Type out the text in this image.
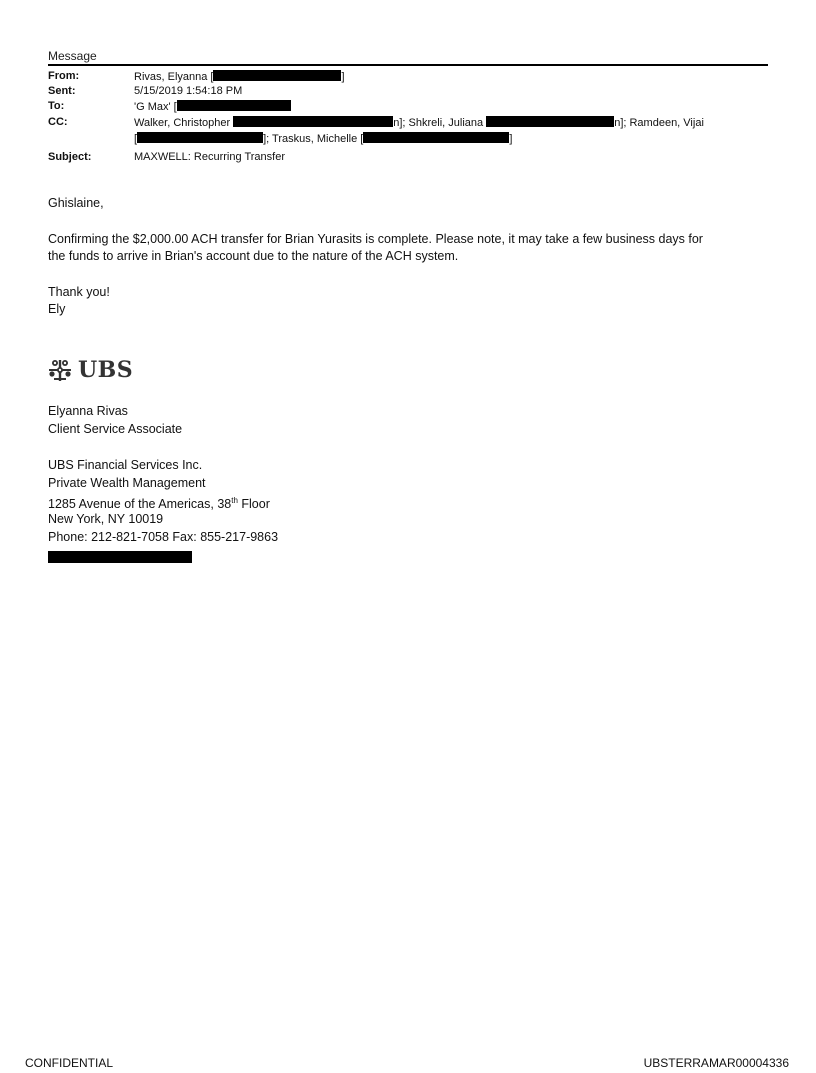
Message
From:	Rivas, Elyanna [	]
Sent:	5/15/2019 1:54:18 PM
To:	'G Max' [
CC:	Walker, Christopher	n]; Shkreli, Juliana	n]; Ramdeen, Vijai
[	]; Traskus, Michelle [	]
Subject:	MAXWELL: Recurring Transfer
Ghislaine,
Confirming the $2,000.00 ACH transfer for Brian Yurasits is complete. Please note, it may take a few business days for
the funds to arrive in Brian's account due to the nature of the ACH system.
Thank you!
Ely
UBS
Elyanna Rivas
Client Service Associate
UBS Financial Services Inc.
Private Wealth Management
1285 Avenue of the Americas, 38th Floor
New York, NY 10019
Phone: 212-821-7058 Fax: 855-217-9863
CONFIDENTIAL	UBSTERRAMAR00004336
